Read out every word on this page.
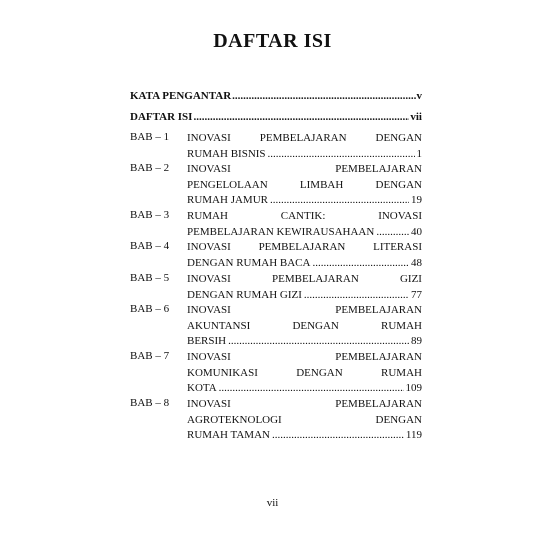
DAFTAR ISI
KATA PENGANTAR .....	v
DAFTAR ISI .....	vii
BAB – 1 INOVASI	PEMBELAJARAN	DENGAN
RUMAH BISNIS .....	1
BAB – 2 INOVASI	PEMBELAJARAN
PENGELOLAAN	LIMBAH	DENGAN
RUMAH JAMUR .....	19
BAB – 3 RUMAH	CANTIK:	INOVASI
PEMBELAJARAN KEWIRAUSAHAAN .....	40
BAB – 4 INOVASI	PEMBELAJARAN	LITERASI
DENGAN RUMAH BACA .....	48
BAB – 5 INOVASI	PEMBELAJARAN	GIZI
DENGAN RUMAH GIZI .....	77
BAB – 6 INOVASI	PEMBELAJARAN
AKUNTANSI	DENGAN	RUMAH
BERSIH .....	89
BAB – 7 INOVASI	PEMBELAJARAN
KOMUNIKASI	DENGAN	RUMAH
KOTA .....	109
BAB – 8 INOVASI	PEMBELAJARAN
AGROTEKNOLOGI	DENGAN
RUMAH TAMAN .....	119
vii
